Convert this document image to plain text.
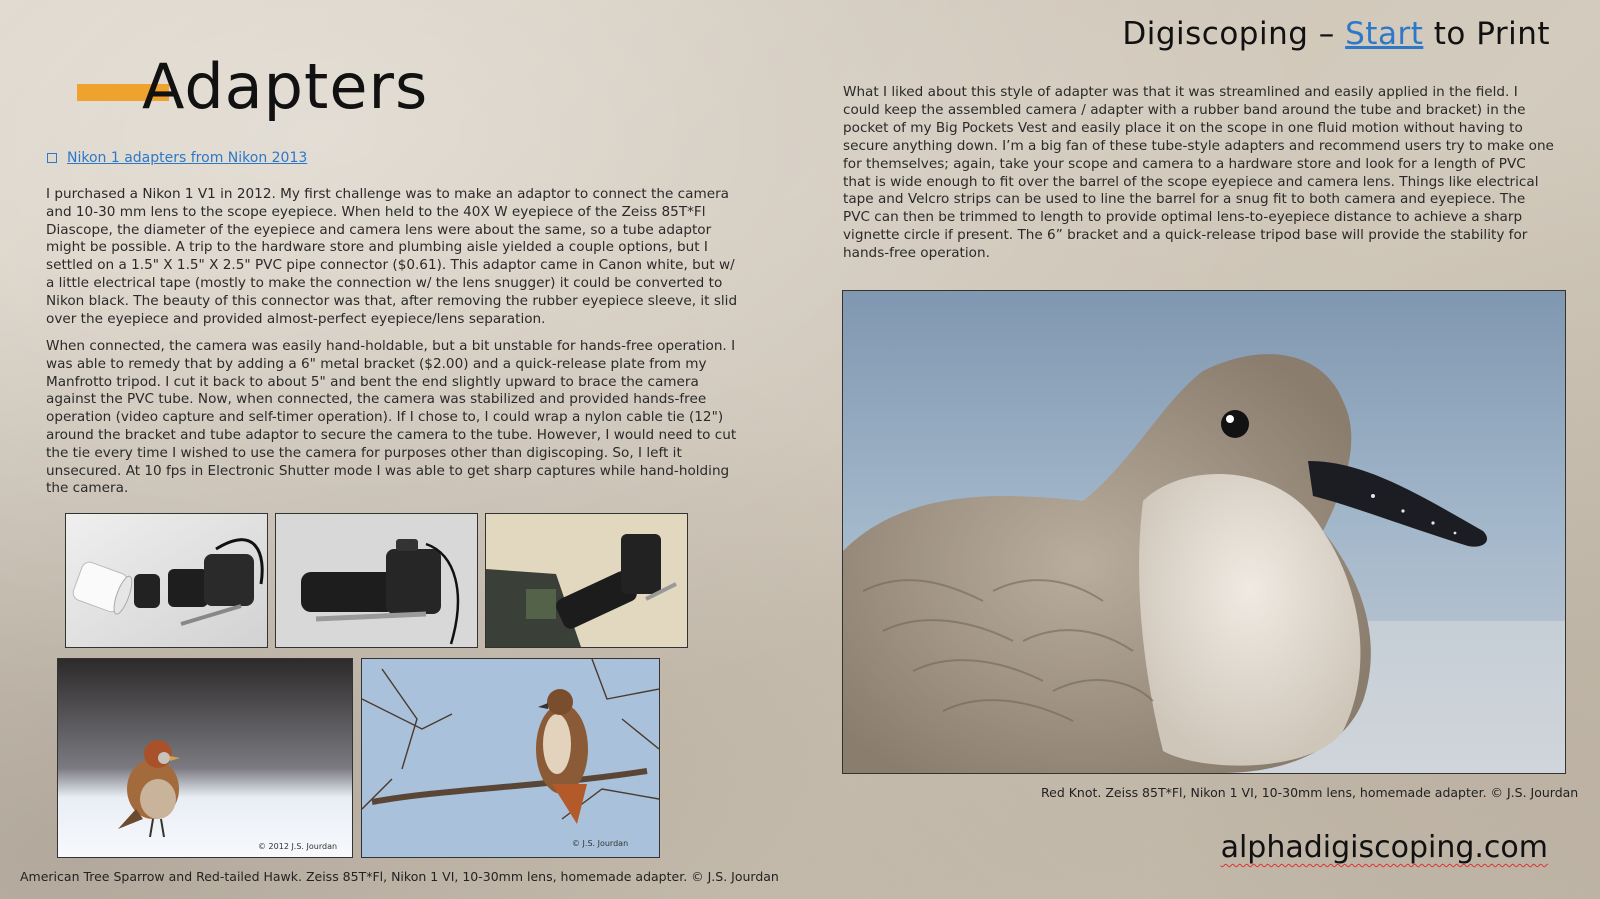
Digiscoping – Start to Print
Adapters
Nikon 1 adapters from Nikon 2013
I purchased a Nikon 1 V1 in 2012. My first challenge was to make an adaptor to connect the camera and 10-30 mm lens to the scope eyepiece. When held to the 40X W eyepiece of the Zeiss 85T*Fl Diascope, the diameter of the eyepiece and camera lens were about the same, so a tube adaptor might be possible. A trip to the hardware store and plumbing aisle yielded a couple options, but I settled on a 1.5" X 1.5" X 2.5" PVC pipe connector ($0.61). This adaptor came in Canon white, but w/ a little electrical tape (mostly to make the connection w/ the lens snugger) it could be converted to Nikon black. The beauty of this connector was that, after removing the rubber eyepiece sleeve, it slid over the eyepiece and provided almost-perfect eyepiece/lens separation.
When connected, the camera was easily hand-holdable, but a bit unstable for hands-free operation. I was able to remedy that by adding a 6" metal bracket ($2.00) and a quick-release plate from my Manfrotto tripod. I cut it back to about 5" and bent the end slightly upward to brace the camera against the PVC tube. Now, when connected, the camera was stabilized and provided hands-free operation (video capture and self-timer operation). If I chose to, I could wrap a nylon cable tie (12") around the bracket and tube adaptor to secure the camera to the tube. However, I would need to cut the tie every time I wished to use the camera for purposes other than digiscoping. So, I left it unsecured. At 10 fps in Electronic Shutter mode I was able to get sharp captures while hand-holding the camera.
What I liked about this style of adapter was that it was streamlined and easily applied in the field. I could keep the assembled camera / adapter with a rubber band around the tube and bracket) in the pocket of my Big Pockets Vest and easily place it on the scope in one fluid motion without having to secure anything down. I’m a big fan of these tube-style adapters and recommend users try to make one for themselves; again, take your scope and camera to a hardware store and look for a length of PVC that is wide enough to fit over the barrel of the scope eyepiece and camera lens. Things like electrical tape and Velcro strips can be used to line the barrel for a snug fit to both camera and eyepiece. The PVC can then be trimmed to length to provide optimal lens-to-eyepiece distance to achieve a sharp vignette circle if present. The 6” bracket and a quick-release tripod base will provide the stability for hands-free operation.
© 2012 J.S. Jourdan	© J.S. Jourdan
American Tree Sparrow and Red-tailed Hawk. Zeiss 85T*Fl, Nikon 1 VI, 10-30mm lens, homemade adapter. © J.S. Jourdan
Red Knot. Zeiss 85T*Fl, Nikon 1 VI, 10-30mm lens, homemade adapter. © J.S. Jourdan
alphadigiscoping.com
